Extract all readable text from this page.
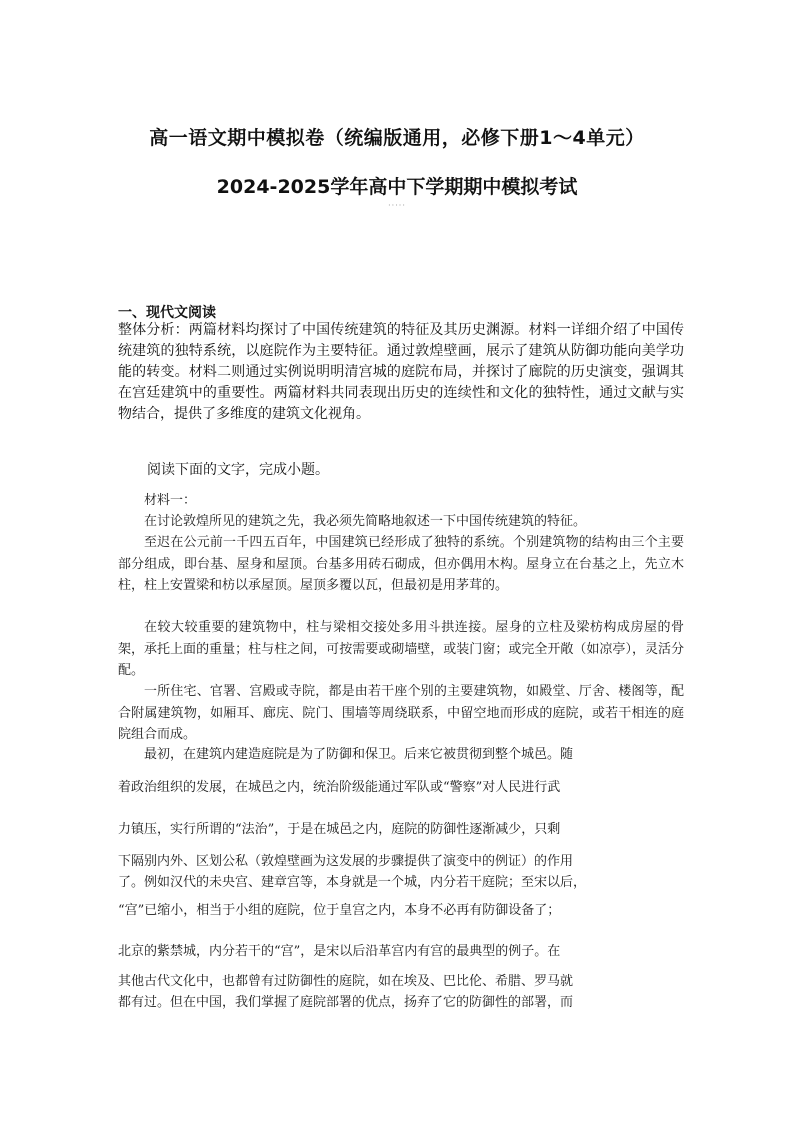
高一语文期中模拟卷（统编版通用，必修下册1～4单元）
2024-2025学年高中下学期期中模拟考试
·····
一、现代文阅读
整体分析：两篇材料均探讨了中国传统建筑的特征及其历史渊源。材料一详细介绍了中国传统建筑的独特系统，以庭院作为主要特征。通过敦煌壁画，展示了建筑从防御功能向美学功能的转变。材料二则通过实例说明明清宫城的庭院布局，并探讨了廊院的历史演变，强调其在宫廷建筑中的重要性。两篇材料共同表现出历史的连续性和文化的独特性，通过文献与实物结合，提供了多维度的建筑文化视角。
阅读下面的文字，完成小题。
材料一：
在讨论敦煌所见的建筑之先，我必须先简略地叙述一下中国传统建筑的特征。
至迟在公元前一千四五百年，中国建筑已经形成了独特的系统。个别建筑物的结构由三个主要部分组成，即台基、屋身和屋顶。台基多用砖石砌成，但亦偶用木构。屋身立在台基之上，先立木柱，柱上安置梁和枋以承屋顶。屋顶多覆以瓦，但最初是用茅茸的。
在较大较重要的建筑物中，柱与梁相交接处多用斗拱连接。屋身的立柱及梁枋构成房屋的骨架，承托上面的重量；柱与柱之间，可按需要或砌墙壁，或装门窗；或完全开敞（如凉亭），灵活分配。
一所住宅、官署、宫殿或寺院，都是由若干座个别的主要建筑物，如殿堂、厅舍、楼阁等，配合附属建筑物，如厢耳、廊庑、院门、围墙等周绕联系，中留空地而形成的庭院，或若干相连的庭院组合而成。
最初，在建筑内建造庭院是为了防御和保卫。后来它被贯彻到整个城邑。随
着政治组织的发展，在城邑之内，统治阶级能通过军队或“警察”对人民进行武
力镇压，实行所谓的“法治”，于是在城邑之内，庭院的防御性逐渐减少，只剩
下隔别内外、区划公私（敦煌壁画为这发展的步骤提供了演变中的例证）的作用
了。例如汉代的未央宫、建章宫等，本身就是一个城，内分若干庭院；至宋以后，
“宫”已缩小，相当于小组的庭院，位于皇宫之内，本身不必再有防御设备了；
北京的紫禁城，内分若干的“宫”，是宋以后沿革宫内有宫的最典型的例子。在
其他古代文化中，也都曾有过防御性的庭院，如在埃及、巴比伦、希腊、罗马就
都有过。但在中国，我们掌握了庭院部署的优点，扬弃了它的防御性的部署，而
